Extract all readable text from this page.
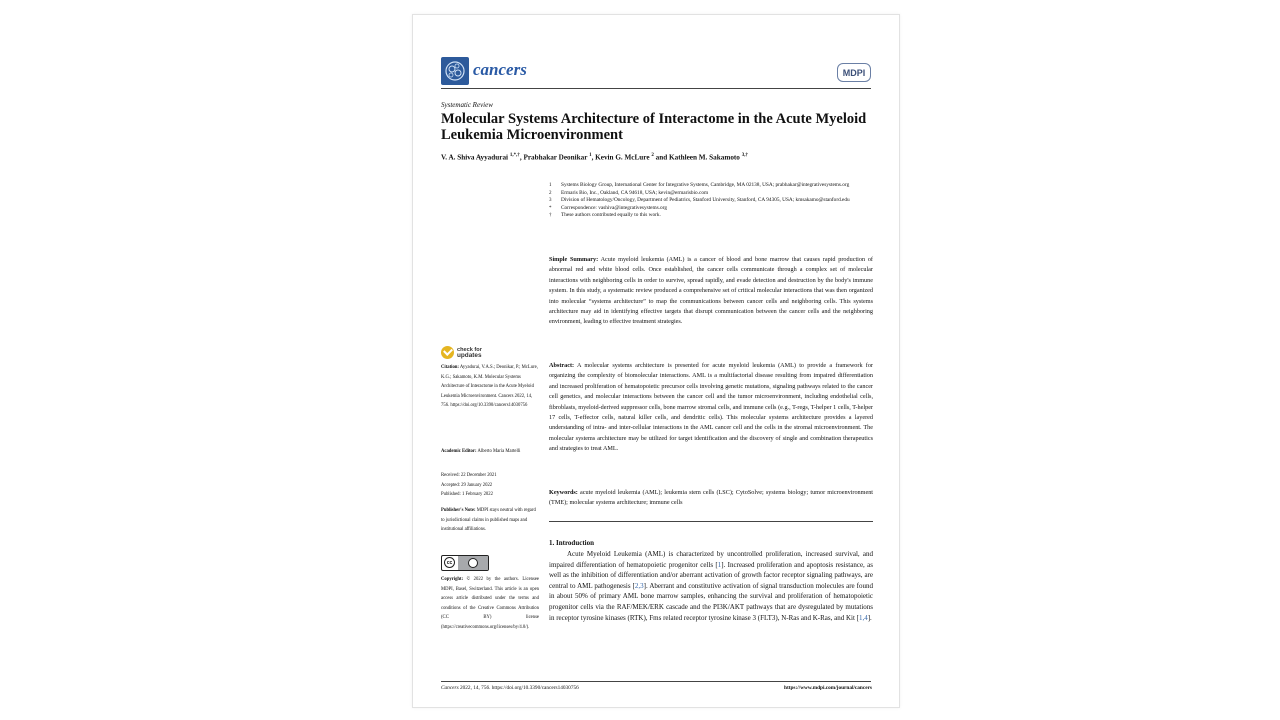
cancers	MDPI
Systematic Review
Molecular Systems Architecture of Interactome in the Acute Myeloid Leukemia Microenvironment
V. A. Shiva Ayyadurai $^{1,*,\dagger}$, Prabhakar Deonikar $^1$, Kevin G. McLure $^2$ and Kathleen M. Sakamoto $^{3,\dagger}$
1 Systems Biology Group, International Center for Integrative Systems, Cambridge, MA 02138, USA; prabhakar@integrativesystems.org
2 Ermaris Bio, Inc., Oakland, CA 94618, USA; kevin@ermarisbio.com
3 Division of Hematology/Oncology, Department of Pediatrics, Stanford University, Stanford, CA 94305, USA; kmsakamo@stanford.edu
* Correspondence: vashiva@integrativesystems.org
† These authors contributed equally to this work.
Simple Summary: Acute myeloid leukemia (AML) is a cancer of blood and bone marrow that causes rapid production of abnormal red and white blood cells. Once established, the cancer cells communicate through a complex set of molecular interactions with neighboring cells in order to survive, spread rapidly, and evade detection and destruction by the body's immune system. In this study, a systematic review produced a comprehensive set of critical molecular interactions that was then organized into molecular “systems architecture” to map the communications between cancer cells and neighboring cells. This systems architecture may aid in identifying effective targets that disrupt communication between the cancer cells and the neighboring environment, leading to effective treatment strategies.
Abstract: A molecular systems architecture is presented for acute myeloid leukemia (AML) to provide a framework for organizing the complexity of biomolecular interactions. AML is a multifactorial disease resulting from impaired differentiation and increased proliferation of hematopoietic precursor cells involving genetic mutations, signaling pathways related to the cancer cell genetics, and molecular interactions between the cancer cell and the tumor microenvironment, including endothelial cells, fibroblasts, myeloid-derived suppressor cells, bone marrow stromal cells, and immune cells (e.g., T-regs, T-helper 1 cells, T-helper 17 cells, T-effector cells, natural killer cells, and dendritic cells). This molecular systems architecture provides a layered understanding of intra- and inter-cellular interactions in the AML cancer cell and the cells in the stromal microenvironment. The molecular systems architecture may be utilized for target identification and the discovery of single and combination therapeutics and strategies to treat AML.
Keywords: acute myeloid leukemia (AML); leukemia stem cells (LSC); CytoSolve; systems biology; tumor microenvironment (TME); molecular systems architecture; immune cells
1. Introduction
Acute Myeloid Leukemia (AML) is characterized by uncontrolled proliferation, increased survival, and impaired differentiation of hematopoietic progenitor cells [1]. Increased proliferation and apoptosis resistance, as well as the inhibition of differentiation and/or aberrant activation of growth factor receptor signaling pathways, are central to AML pathogenesis [2,3]. Aberrant and constitutive activation of signal transduction molecules are found in about 50% of primary AML bone marrow samples, enhancing the survival and proliferation of hematopoietic progenitor cells via the RAF/MEK/ERK cascade and the PI3K/AKT pathways that are dysregulated by mutations in receptor tyrosine kinases (RTK), Fms related receptor tyrosine kinase 3 (FLT3), N-Ras and K-Ras, and Kit [1,4].
check for
updates
Citation: Ayyadurai, V.A.S.; Deonikar, P.; McLure, K.G.; Sakamoto, K.M. Molecular Systems Architecture of Interactome in the Acute Myeloid Leukemia Microenvironment. Cancers 2022, 14, 756. https://doi.org/10.3390/cancers14030756
Academic Editor: Alberto Maria Martelli
Received: 22 December 2021
Accepted: 29 January 2022
Published: 1 February 2022
Publisher's Note: MDPI stays neutral with regard to jurisdictional claims in published maps and institutional affiliations.
cc
Copyright: © 2022 by the authors. Licensee MDPI, Basel, Switzerland. This article is an open access article distributed under the terms and conditions of the Creative Commons Attribution (CC BY) license (https://creativecommons.org/licenses/by/4.0/).
Cancers 2022, 14, 756. https://doi.org/10.3390/cancers14030756	https://www.mdpi.com/journal/cancers
